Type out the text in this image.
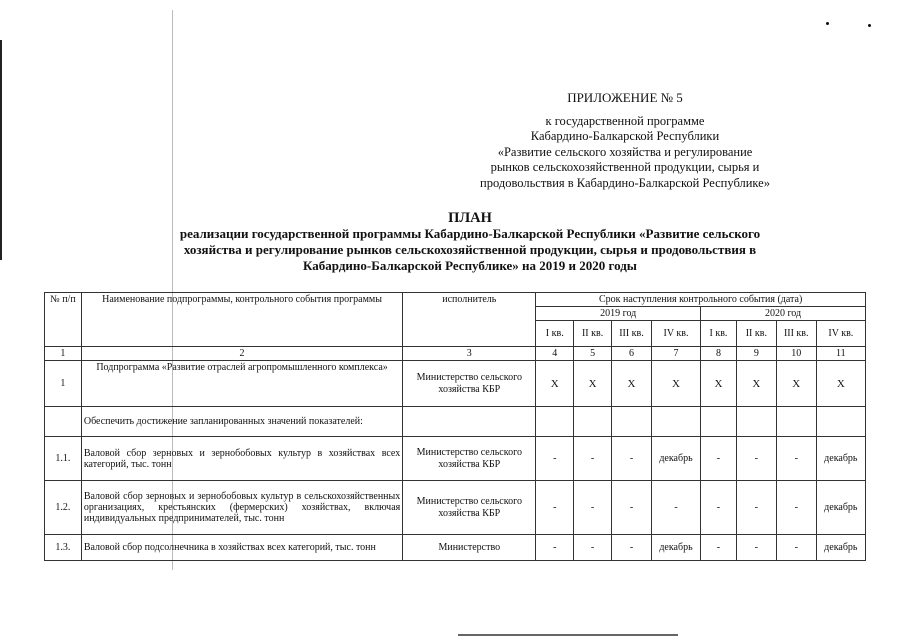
ПРИЛОЖЕНИЕ № 5
к государственной программе
Кабардино-Балкарской Республики
«Развитие сельского хозяйства и регулирование
рынков сельскохозяйственной продукции, сырья и
продовольствия в Кабардино-Балкарской Республике»
ПЛАН
реализации государственной программы Кабардино-Балкарской Республики «Развитие сельского
хозяйства и регулирование рынков сельскохозяйственной продукции, сырья и продовольствия в
Кабардино-Балкарской Республике» на 2019 и 2020 годы
№ п/п	Наименование подпрограммы, контрольного события программы	исполнитель	Срок наступления контрольного события (дата)							
			2019 год				2020 год			
			I кв.	II кв.	III кв.	IV кв.	I кв.	II кв.	III кв.	IV кв.
1	2	3	4	5	6	7	8	9	10	11
1	Подпрограмма «Развитие отраслей агропромышленного комплекса»	Министерство сельского хозяйства КБР	X	X	X	X	X	X	X	X
	Обеспечить достижение запланированных значений показателей:									
1.1.	Валовой сбор зерновых и зернобобовых культур в хозяйствах всех категорий, тыс. тонн	Министерство сельского хозяйства КБР	-	-	-	декабрь	-	-	-	декабрь
1.2.	Валовой сбор зерновых и зернобобовых культур в сельскохозяйственных организациях, крестьянских (фермерских) хозяйствах, включая индивидуальных предпринимателей, тыс. тонн	Министерство сельского хозяйства КБР	-	-	-	-	-	-	-	декабрь
1.3.	Валовой сбор подсолнечника в хозяйствах всех категорий, тыс. тонн	Министерство	-	-	-	декабрь	-	-	-	декабрь
